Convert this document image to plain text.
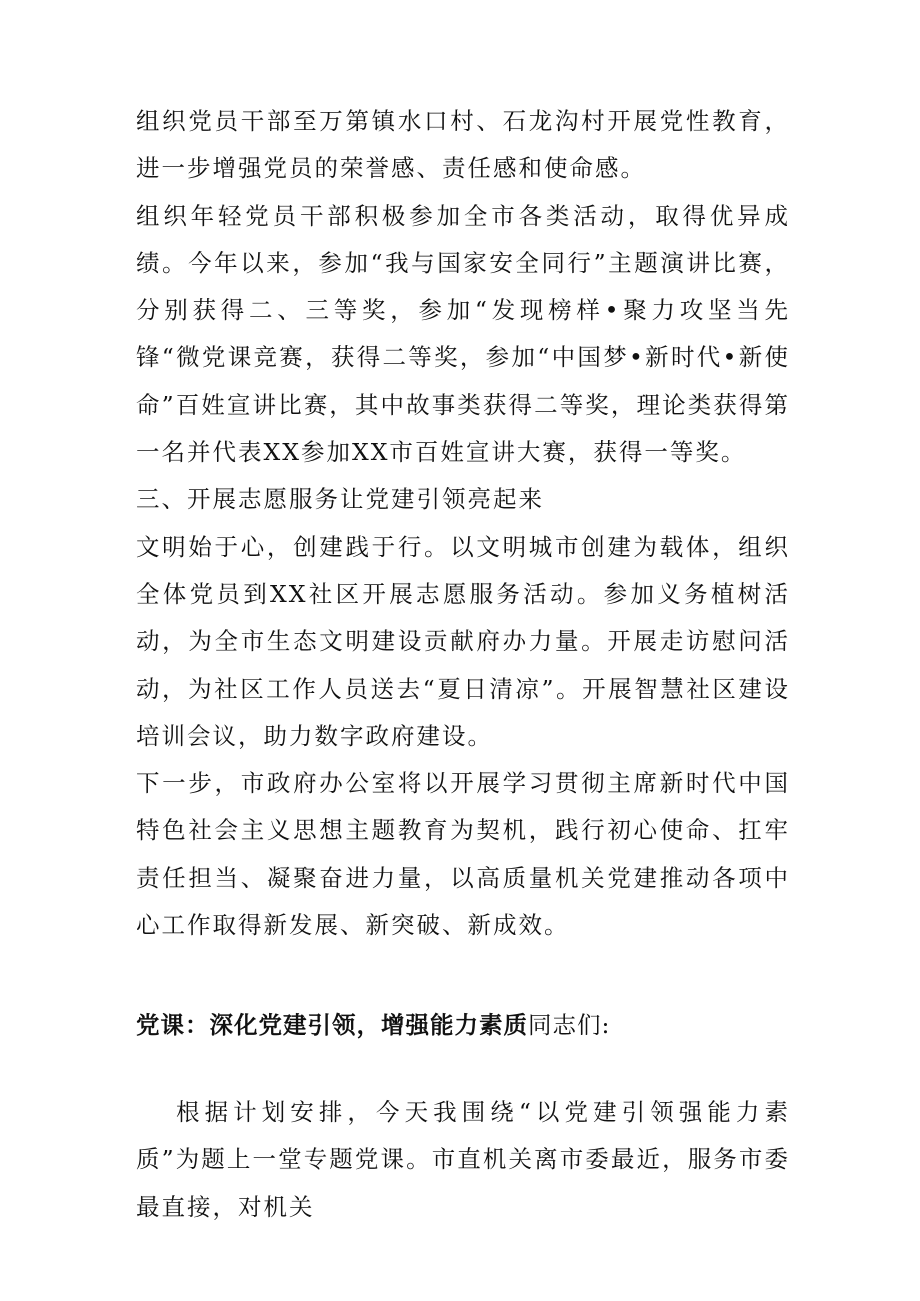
组织党员干部至万第镇水口村、石龙沟村开展党性教育，进一步增强党员的荣誉感、责任感和使命感。

组织年轻党员干部积极参加全市各类活动，取得优异成绩。今年以来，参加“我与国家安全同行”主题演讲比赛，分别获得二、三等奖，参加“发现榜样•聚力攻坚当先锋“微党课竞赛，获得二等奖，参加“中国梦•新时代•新使命”百姓宣讲比赛，其中故事类获得二等奖，理论类获得第一名并代表XX参加XX市百姓宣讲大赛，获得一等奖。

三、开展志愿服务让党建引领亮起来

文明始于心，创建践于行。以文明城市创建为载体，组织全体党员到XX社区开展志愿服务活动。参加义务植树活动，为全市生态文明建设贡献府办力量。开展走访慰问活动，为社区工作人员送去“夏日清凉”。开展智慧社区建设培训会议，助力数字政府建设。

下一步，市政府办公室将以开展学习贯彻主席新时代中国特色社会主义思想主题教育为契机，践行初心使命、扛牢责任担当、凝聚奋进力量，以高质量机关党建推动各项中心工作取得新发展、新突破、新成效。

党课：深化党建引领，增强能力素质同志们:

根据计划安排，今天我围绕“以党建引领强能力素质”为题上一堂专题党课。市直机关离市委最近，服务市委最直接，对机关
